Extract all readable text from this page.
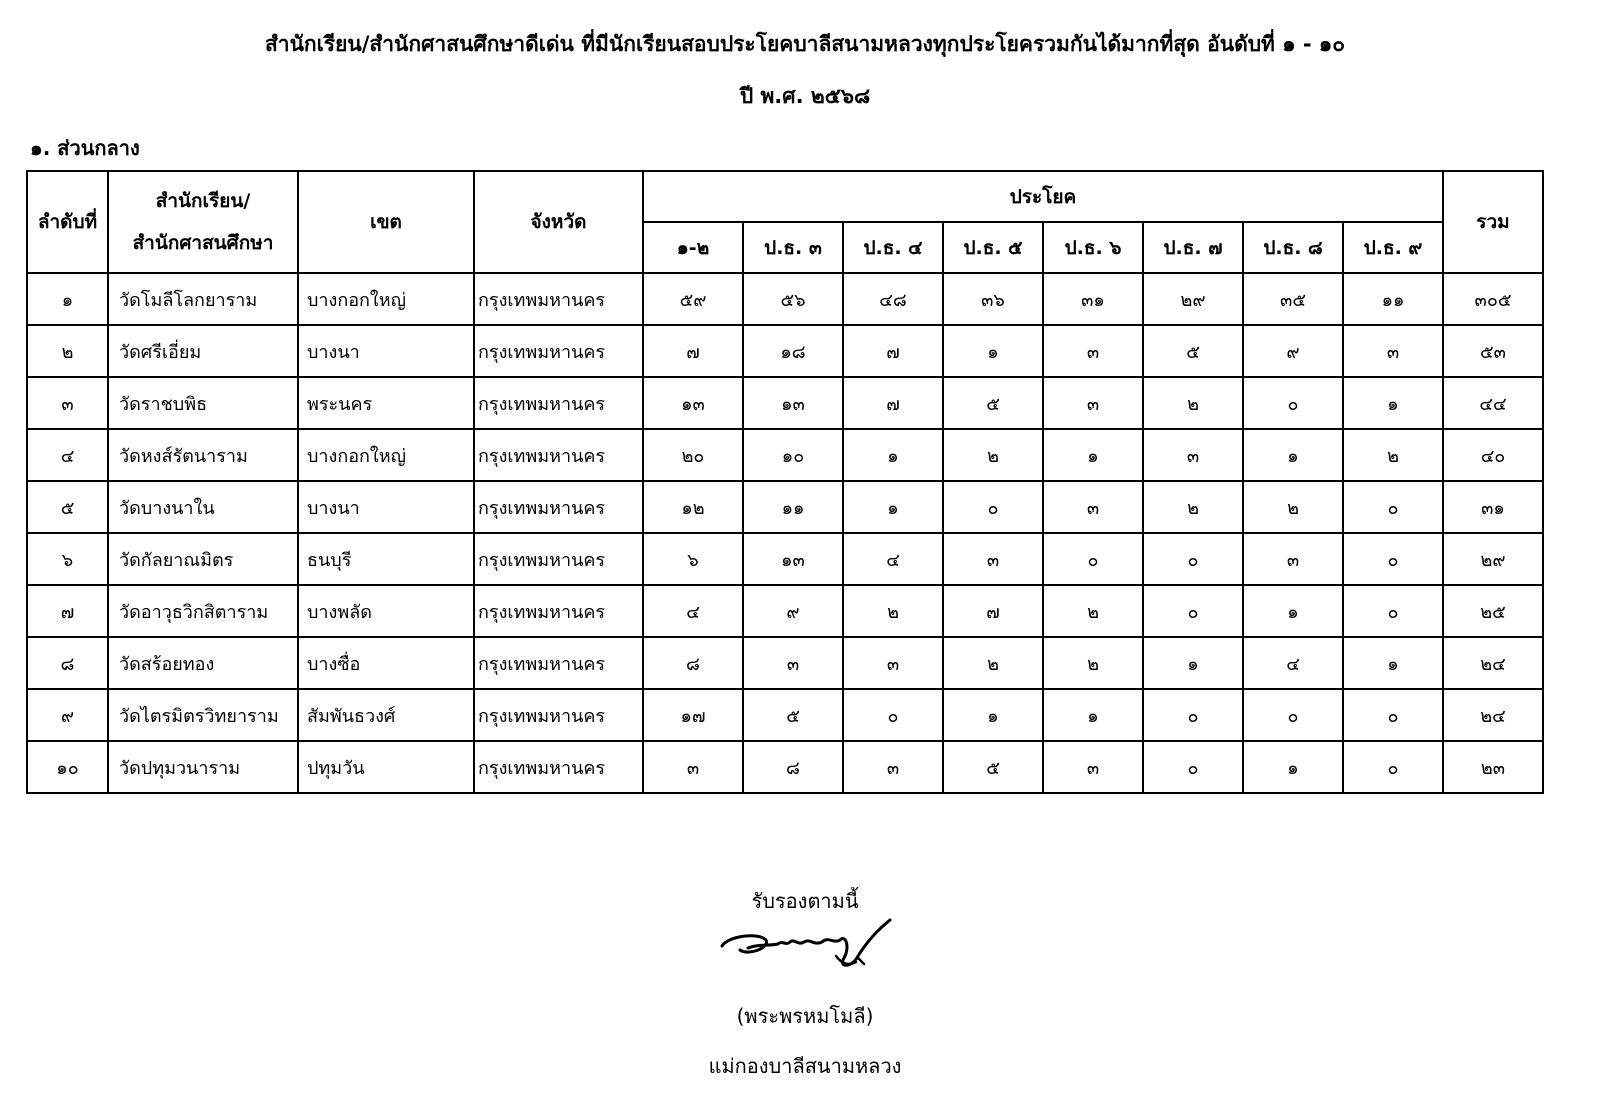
สำนักเรียน/สำนักศาสนศึกษาดีเด่น ที่มีนักเรียนสอบประโยคบาลีสนามหลวงทุกประโยครวมกันได้มากที่สุด อันดับที่ ๑ - ๑๐
ปี พ.ศ. ๒๕๖๘
๑. ส่วนกลาง
ลำดับที่	สำนักเรียน/
สำนักศาสนศึกษา	เขต	จังหวัด	ประโยค								รวม
				๑-๒	ป.ธ. ๓	ป.ธ. ๔	ป.ธ. ๕	ป.ธ. ๖	ป.ธ. ๗	ป.ธ. ๘	ป.ธ. ๙	
๑	วัดโมลีโลกยาราม	บางกอกใหญ่	กรุงเทพมหานคร	๕๙	๕๖	๔๘	๓๖	๓๑	๒๙	๓๕	๑๑	๓๐๕
๒	วัดศรีเอี่ยม	บางนา	กรุงเทพมหานคร	๗	๑๘	๗	๑	๓	๕	๙	๓	๕๓
๓	วัดราชบพิธ	พระนคร	กรุงเทพมหานคร	๑๓	๑๓	๗	๕	๓	๒	๐	๑	๔๔
๔	วัดหงส์รัตนาราม	บางกอกใหญ่	กรุงเทพมหานคร	๒๐	๑๐	๑	๒	๑	๓	๑	๒	๔๐
๕	วัดบางนาใน	บางนา	กรุงเทพมหานคร	๑๒	๑๑	๑	๐	๓	๒	๒	๐	๓๑
๖	วัดกัลยาณมิตร	ธนบุรี	กรุงเทพมหานคร	๖	๑๓	๔	๓	๐	๐	๓	๐	๒๙
๗	วัดอาวุธวิกสิตาราม	บางพลัด	กรุงเทพมหานคร	๔	๙	๒	๗	๒	๐	๑	๐	๒๕
๘	วัดสร้อยทอง	บางซื่อ	กรุงเทพมหานคร	๘	๓	๓	๒	๒	๑	๔	๑	๒๔
๙	วัดไตรมิตรวิทยาราม	สัมพันธวงศ์	กรุงเทพมหานคร	๑๗	๕	๐	๑	๑	๐	๐	๐	๒๔
๑๐	วัดปทุมวนาราม	ปทุมวัน	กรุงเทพมหานคร	๓	๘	๓	๕	๓	๐	๑	๐	๒๓
รับรองตามนี้
(พระพรหมโมลี)
แม่กองบาลีสนามหลวง
